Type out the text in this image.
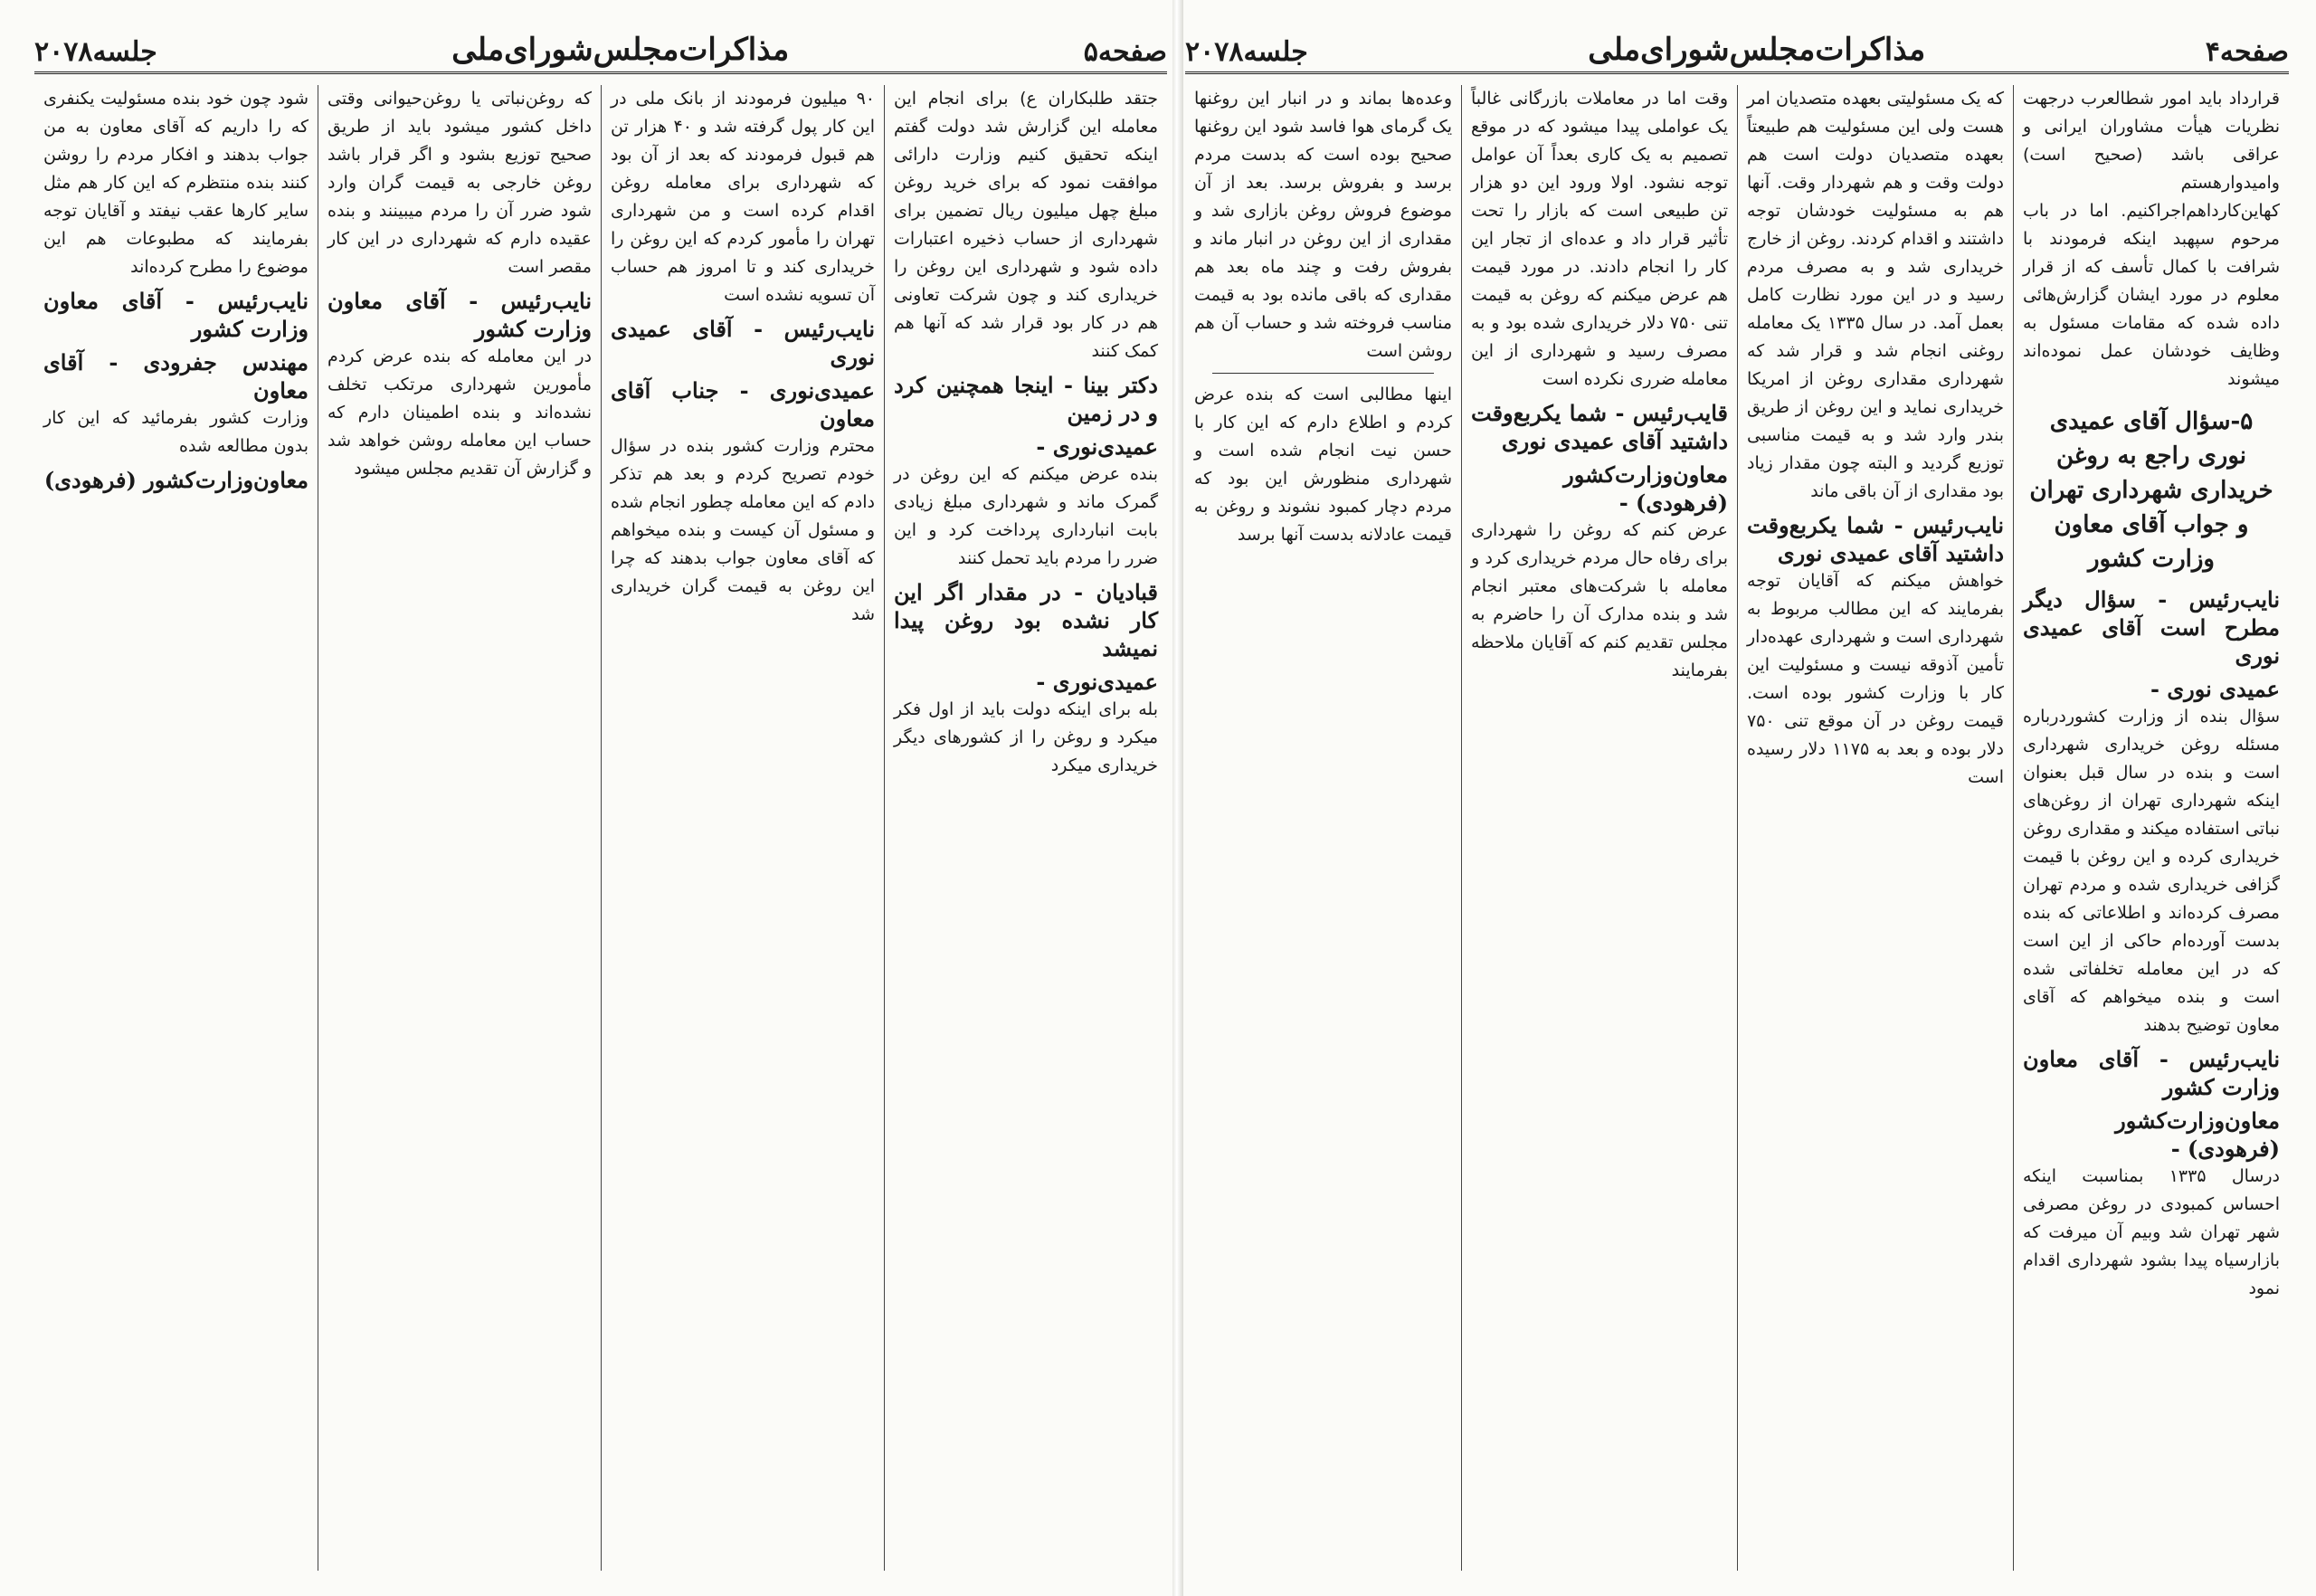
صفحه۴
مذاکرات‌مجلس‌شورای‌ملی
جلسه۲۰۷۸

قرارداد باید امور شطالعرب درجهت نظریات هیأت مشاوران ایرانی و عراقی باشد (صحیح است) وامیدوارهستم کهاین‌کارداهم‌اجراکنیم. اما در باب مرحوم سپهبد اینکه فرمودند با شرافت با کمال تأسف که از قرار معلوم در مورد ایشان گزارش‌هائی داده شده که مقامات مسئول به وظایف خودشان عمل نموده‌اند میشوند

۵-سؤال آقای عمیدی نوری راجع به روغن خریداری شهرداری تهران و جواب آقای معاون وزارت کشور

نایب‌رئیس - سؤال دیگر مطرح است آقای عمیدی نوری

عمیدی نوری -

سؤال بنده از وزارت کشوردرباره مسئله روغن خریداری شهرداری است و بنده در سال قبل بعنوان اینکه شهرداری تهران از روغن‌های نباتی استفاده میکند و مقداری روغن خریداری کرده و این روغن با قیمت گزافی خریداری شده و مردم تهران مصرف کرده‌اند و اطلاعاتی که بنده بدست آورده‌ام حاکی از این است که در این معامله تخلفاتی شده است و بنده میخواهم که آقای معاون توضیح بدهند

نایب‌رئیس - آقای معاون وزارت کشور

معاون‌وزارت‌کشور (فرهودی) -

درسال ۱۳۳۵ بمناسبت اینکه احساس کمبودی در روغن مصرفی شهر تهران شد وبیم آن میرفت که بازارسیاه پیدا بشود شهرداری اقدام نمود

که یک مسئولیتی بعهده متصدیان امر هست ولی این مسئولیت هم طبیعتاً بعهده متصدیان دولت است هم دولت وقت و هم شهردار وقت. آنها هم به مسئولیت خودشان توجه داشتند و اقدام کردند. روغن از خارج خریداری شد و به مصرف مردم رسید و در این مورد نظارت کامل بعمل آمد. در سال ۱۳۳۵ یک معامله روغنی انجام شد و قرار شد که شهرداری مقداری روغن از امریکا خریداری نماید و این روغن از طریق بندر وارد شد و به قیمت مناسبی توزیع گردید و البته چون مقدار زیاد بود مقداری از آن باقی ماند

نایب‌رئیس - شما یکربع‌وقت داشتید آقای عمیدی نوری

خواهش میکنم که آقایان توجه بفرمایند که این مطالب مربوط به شهرداری است و شهرداری عهده‌دار تأمین آذوقه نیست و مسئولیت این کار با وزارت کشور بوده است. قیمت روغن در آن موقع تنی ۷۵۰ دلار بوده و بعد به ۱۱۷۵ دلار رسیده است

وقت اما در معاملات بازرگانی غالباً یک عواملی پیدا میشود که در موقع تصمیم به یک کاری بعداً آن عوامل توجه نشود. اولا ورود این دو هزار تن طبیعی است که بازار را تحت تأثیر قرار داد و عده‌ای از تجار این کار را انجام دادند. در مورد قیمت هم عرض میکنم که روغن به قیمت تنی ۷۵۰ دلار خریداری شده بود و به مصرف رسید و شهرداری از این معامله ضرری نکرده است

قایب‌رئیس - شما یکربع‌وقت داشتید آقای عمیدی نوری

معاون‌وزارت‌کشور (فرهودی) -

عرض کنم که روغن را شهرداری برای رفاه حال مردم خریداری کرد و معامله با شرکت‌های معتبر انجام شد و بنده مدارک آن را حاضرم به مجلس تقدیم کنم که آقایان ملاحظه بفرمایند

وعده‌ها بماند و در انبار این روغنها یک گرمای هوا فاسد شود این روغنها صحیح بوده است که بدست مردم برسد و بفروش برسد. بعد از آن موضوع فروش روغن بازاری شد و مقداری از این روغن در انبار ماند و بفروش رفت و چند ماه بعد هم مقداری که باقی مانده بود به قیمت مناسب فروخته شد و حساب آن هم روشن است

اینها مطالبی است که بنده عرض کردم و اطلاع دارم که این کار با حسن نیت انجام شده است و شهرداری منظورش این بود که مردم دچار کمبود نشوند و روغن به قیمت عادلانه بدست آنها برسد

صفحه۵
مذاکرات‌مجلس‌شورای‌ملی
جلسه۲۰۷۸

جتقد طلبکاران ع) برای انجام این معامله این گزارش شد دولت گفتم اینکه تحقیق کنیم وزارت دارائی موافقت نمود که برای خرید روغن مبلغ چهل میلیون ریال تضمین برای شهرداری از حساب ذخیره اعتبارات داده شود و شهرداری این روغن را خریداری کند و چون شرکت تعاونی هم در کار بود قرار شد که آنها هم کمک کنند

دکتر بینا - اینجا همچنین کرد و در زمین

عمیدی‌نوری -

بنده عرض میکنم که این روغن در گمرک ماند و شهرداری مبلغ زیادی بابت انبارداری پرداخت کرد و این ضرر را مردم باید تحمل کنند

قبادیان - در مقدار اگر این کار نشده بود روغن پیدا نمیشد

عمیدی‌نوری -

بله برای اینکه دولت باید از اول فکر میکرد و روغن را از کشورهای دیگر خریداری میکرد

۹۰ میلیون فرمودند از بانک ملی در این کار پول گرفته شد و ۴۰ هزار تن هم قبول فرمودند که بعد از آن بود که شهرداری برای معامله روغن اقدام کرده است و من شهرداری تهران را مأمور کردم که این روغن را خریداری کند و تا امروز هم حساب آن تسویه نشده است

نایب‌رئیس - آقای عمیدی نوری

عمیدی‌نوری - جناب آقای معاون

محترم وزارت کشور بنده در سؤال خودم تصریح کردم و بعد هم تذکر دادم که این معامله چطور انجام شده و مسئول آن کیست و بنده میخواهم که آقای معاون جواب بدهند که چرا این روغن به قیمت گران خریداری شد

که روغن‌نباتی یا روغن‌حیوانی وقتی داخل کشور میشود باید از طریق صحیح توزیع بشود و اگر قرار باشد روغن خارجی به قیمت گران وارد شود ضرر آن را مردم میبینند و بنده عقیده دارم که شهرداری در این کار مقصر است

نایب‌رئیس - آقای معاون وزارت کشور

در این معامله که بنده عرض کردم مأمورین شهرداری مرتکب تخلف نشده‌اند و بنده اطمینان دارم که حساب این معامله روشن خواهد شد و گزارش آن تقدیم مجلس میشود

شود چون خود بنده مسئولیت یکنفری که را داریم که آقای معاون به من جواب بدهند و افکار مردم را روشن کنند بنده منتظرم که این کار هم مثل سایر کارها عقب نیفتد و آقایان توجه بفرمایند که مطبوعات هم این موضوع را مطرح کرده‌اند

نایب‌رئیس - آقای معاون وزارت کشور

مهندس جفرودی - آقای معاون

وزارت کشور بفرمائید که این کار بدون مطالعه شده

معاون‌وزارت‌کشور (فرهودی)
